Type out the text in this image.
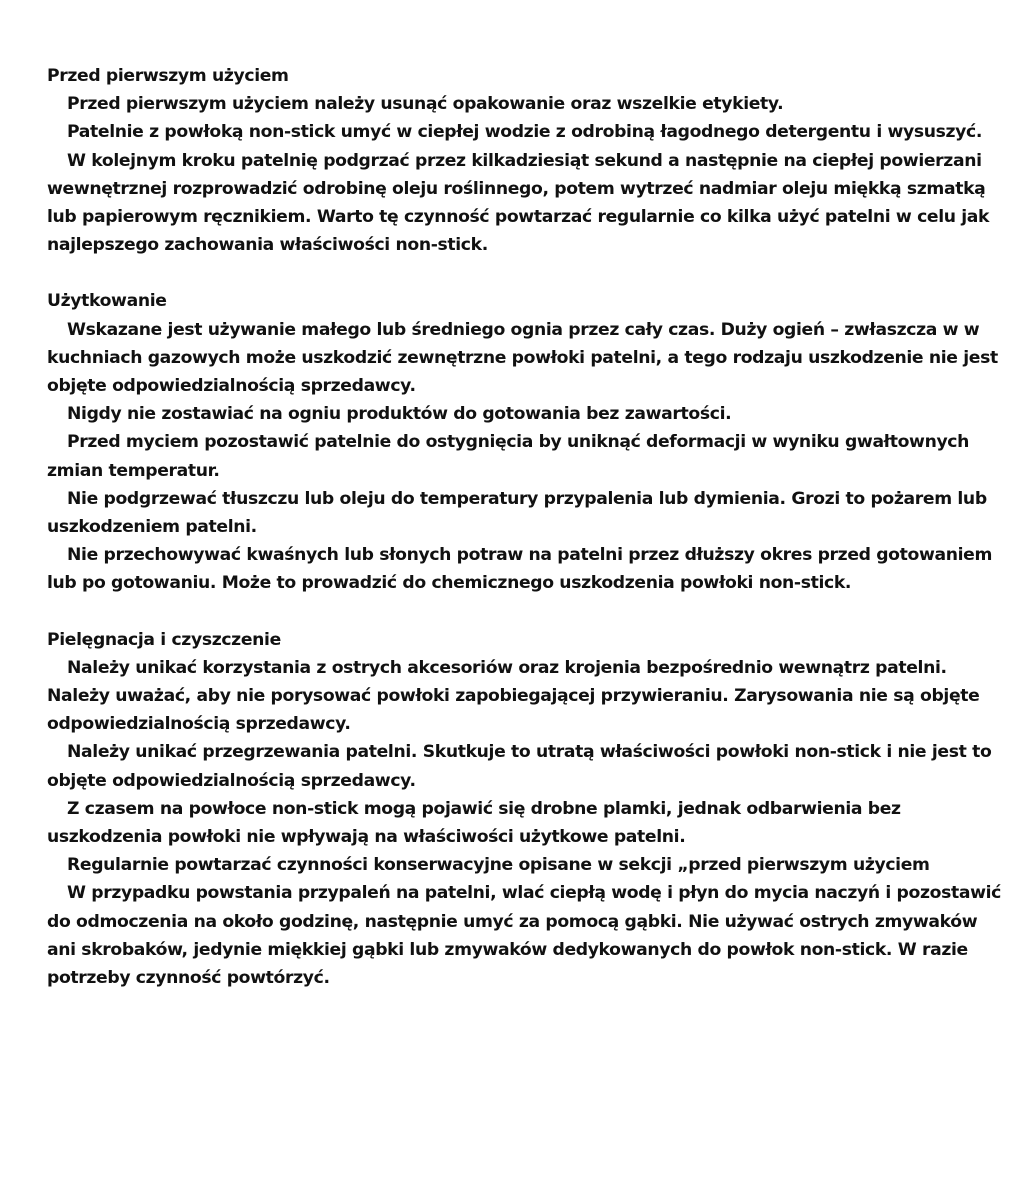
Przed pierwszym użyciem

Przed pierwszym użyciem należy usunąć opakowanie oraz wszelkie etykiety.

Patelnie z powłoką non-stick umyć w ciepłej wodzie z odrobiną łagodnego detergentu i wysuszyć.

W kolejnym kroku patelnię podgrzać przez kilkadziesiąt sekund a następnie na ciepłej powierzani wewnętrznej rozprowadzić odrobinę oleju roślinnego, potem wytrzeć nadmiar oleju miękką szmatką lub papierowym ręcznikiem. Warto tę czynność powtarzać regularnie co kilka użyć patelni w celu jak najlepszego zachowania właściwości non-stick.

Użytkowanie

Wskazane jest używanie małego lub średniego ognia przez cały czas. Duży ogień – zwłaszcza w w kuchniach gazowych może uszkodzić zewnętrzne powłoki patelni, a tego rodzaju uszkodzenie nie jest objęte odpowiedzialnością sprzedawcy.

Nigdy nie zostawiać na ogniu produktów do gotowania bez zawartości.

Przed myciem pozostawić patelnie do ostygnięcia by uniknąć deformacji w wyniku gwałtownych zmian temperatur.

Nie podgrzewać tłuszczu lub oleju do temperatury przypalenia lub dymienia. Grozi to pożarem lub uszkodzeniem patelni.

Nie przechowywać kwaśnych lub słonych potraw na patelni przez dłuższy okres przed gotowaniem lub po gotowaniu. Może to prowadzić do chemicznego uszkodzenia powłoki non-stick.

Pielęgnacja i czyszczenie

Należy unikać korzystania z ostrych akcesoriów oraz krojenia bezpośrednio wewnątrz patelni. Należy uważać, aby nie porysować powłoki zapobiegającej przywieraniu. Zarysowania nie są objęte odpowiedzialnością sprzedawcy.

Należy unikać przegrzewania patelni. Skutkuje to utratą właściwości powłoki non-stick i nie jest to objęte odpowiedzialnością sprzedawcy.

Z czasem na powłoce non-stick mogą pojawić się drobne plamki, jednak odbarwienia bez uszkodzenia powłoki nie wpływają na właściwości użytkowe patelni.

Regularnie powtarzać czynności konserwacyjne opisane w sekcji „przed pierwszym użyciem

W przypadku powstania przypaleń na patelni, wlać ciepłą wodę i płyn do mycia naczyń i pozostawić do odmoczenia na około godzinę, następnie umyć za pomocą gąbki. Nie używać ostrych zmywaków ani skrobaków, jedynie miękkiej gąbki lub zmywaków dedykowanych do powłok non-stick. W razie potrzeby czynność powtórzyć.
